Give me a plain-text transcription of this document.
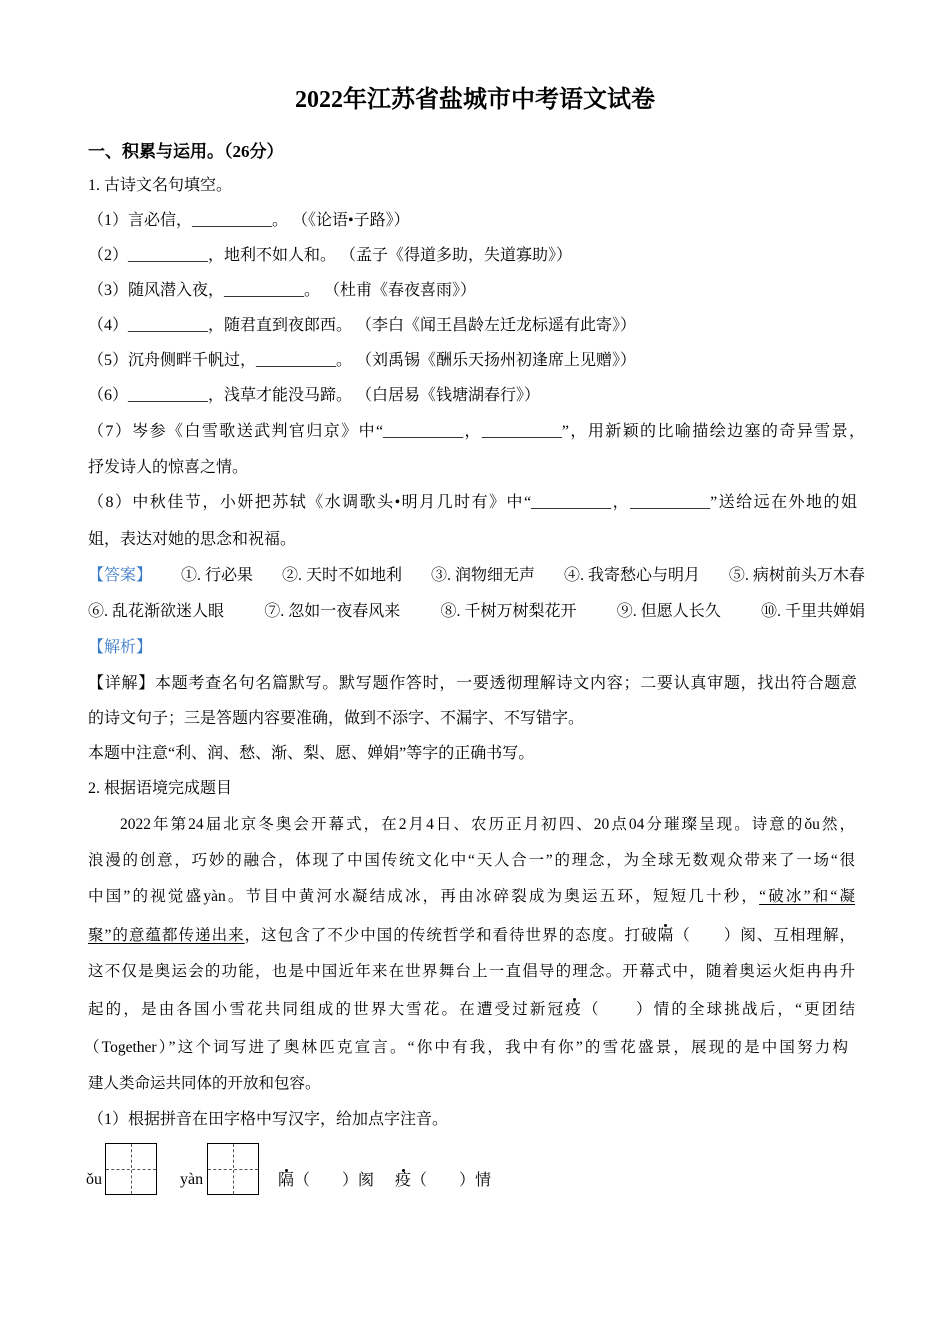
2022年江苏省盐城市中考语文试卷
一、积累与运用。（26分）
1. 古诗文名句填空。
（1）言必信，__________。 （《论语•子路》）
（2）__________，地利不如人和。 （孟子《得道多助，失道寡助》）
（3）随风潜入夜，__________。 （杜甫《春夜喜雨》）
（4）__________，随君直到夜郎西。 （李白《闻王昌龄左迁龙标遥有此寄》）
（5）沉舟侧畔千帆过，__________。 （刘禹锡《酬乐天扬州初逢席上见赠》）
（6）__________，浅草才能没马蹄。 （白居易《钱塘湖春行》）
（7）岑参《白雪歌送武判官归京》中“__________，__________”，用新颖的比喻描绘边塞的奇异雪景，
抒发诗人的惊喜之情。
（8）中秋佳节，小妍把苏轼《水调歌头•明月几时有》中“__________，__________”送给远在外地的姐
姐，表达对她的思念和祝福。
【答案】 ①. 行必果 ②. 天时不如地利 ③. 润物细无声 ④. 我寄愁心与明月 ⑤. 病树前头万木春
⑥. 乱花渐欲迷人眼	⑦. 忽如一夜春风来	⑧. 千树万树梨花开	⑨. 但愿人长久	⑩. 千里共婵娟
【解析】
【详解】本题考查名句名篇默写。默写题作答时，一要透彻理解诗文内容；二要认真审题，找出符合题意
的诗文句子；三是答题内容要准确，做到不添字、不漏字、不写错字。
本题中注意“利、润、愁、渐、梨、愿、婵娟”等字的正确书写。
2. 根据语境完成题目
2022年第24届北京冬奥会开幕式，在2月4日、农历正月初四、20点04分璀璨呈现。诗意的ǒu然，
浪漫的创意，巧妙的融合，体现了中国传统文化中“天人合一”的理念，为全球无数观众带来了一场“很
中国”的视觉盛yàn。节目中黄河水凝结成冰，再由冰碎裂成为奥运五环，短短几十秒，“破冰”和“凝
聚”的意蕴都传递出来，这包含了不少中国的传统哲学和看待世界的态度。打破隔（　　）阂、互相理解，
这不仅是奥运会的功能，也是中国近年来在世界舞台上一直倡导的理念。开幕式中，随着奥运火炬冉冉升
起的，是由各国小雪花共同组成的世界大雪花。在遭受过新冠疫（　　）情的全球挑战后，“更团结
（Together）”这个词写进了奥林匹克宣言。“你中有我，我中有你”的雪花盛景，展现的是中国努力构
建人类命运共同体的开放和包容。
（1）根据拼音在田字格中写汉字，给加点字注音。
ǒu	yàn	隔（　　）阂 疫（　　）情
